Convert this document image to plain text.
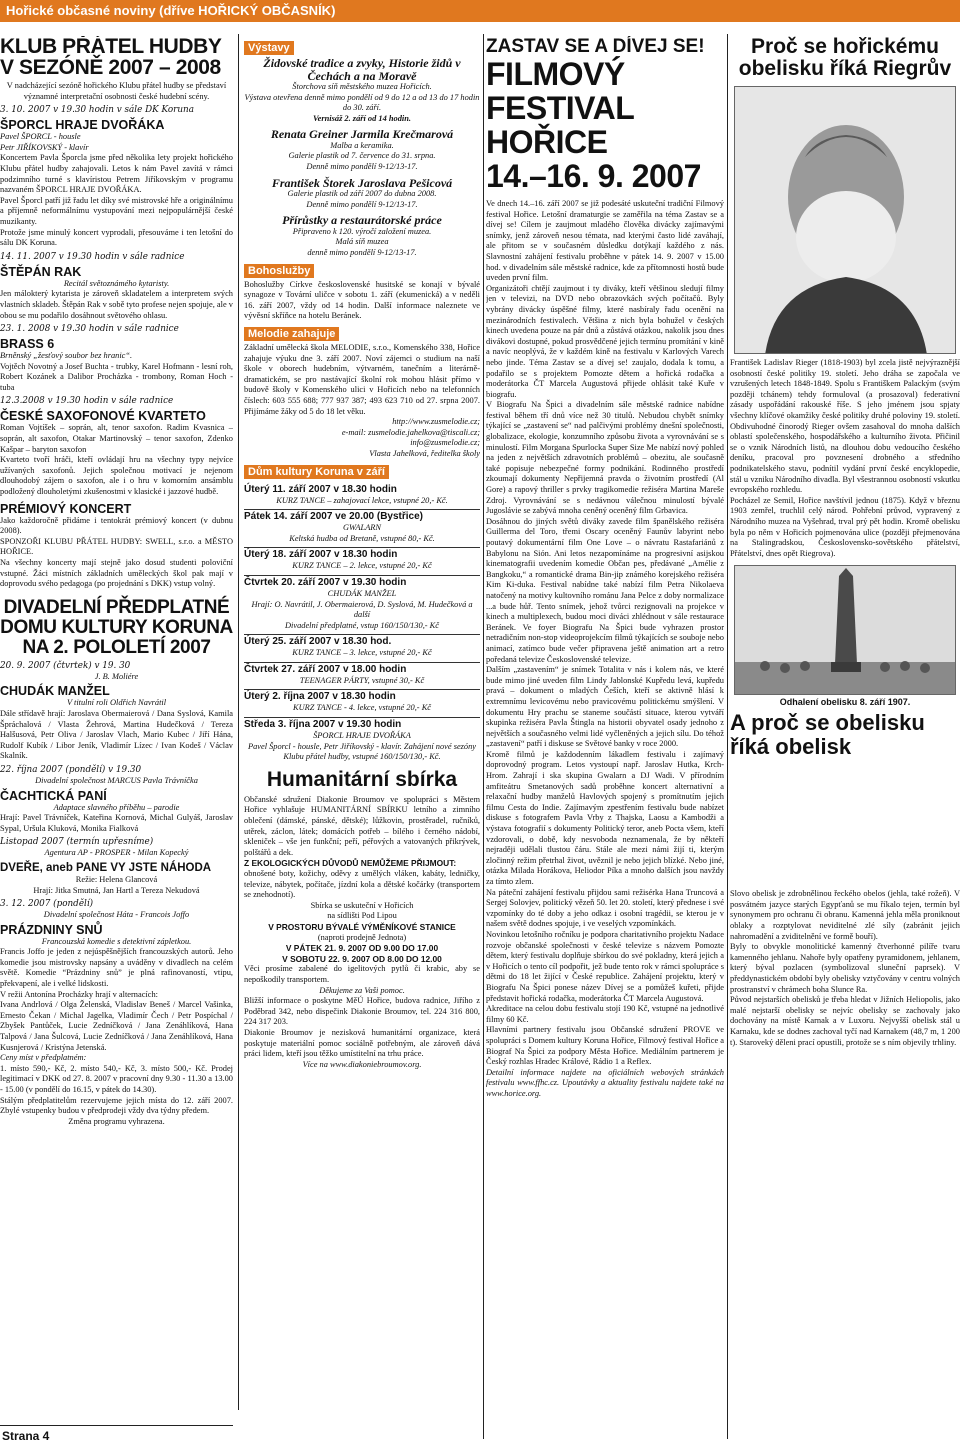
Hořické občasné noviny (dříve HOŘICKÝ OBČASNÍK)
KLUB PŘÁTEL HUDBY V SEZÓNĚ 2007 – 2008

V nadcházející sezóně hořického Klubu přátel hudby se představí významné interpretační osobnosti české hudební scény.

3. 10. 2007 v 19.30 hodin v sále DK Koruna
ŠPORCL HRAJE DVOŘÁKA

Pavel ŠPORCL - housle

Petr JIŘÍKOVSKÝ - klavír

Koncertem Pavla Šporcla jsme před několika lety projekt hořického Klubu přátel hudby zahajovali. Letos k nám Pavel zavítá v rámci podzimního turné s klavíristou Petrem Jiříkovským v programu nazvaném ŠPORCL HRAJE DVOŘÁKA.

Pavel Šporcl patří již řadu let díky své mistrovské hře a originálnímu a příjemně neformálnímu vystupování mezi nejpopulárnější české muzikanty.

Protože jsme minulý koncert vyprodali, přesouváme i ten letošní do sálu DK Koruna.

14. 11. 2007 v 19.30 hodin v sále radnice
ŠTĚPÁN RAK

Recitál světoznámého kytaristy.

Jen málokterý kytarista je zároveň skladatelem a interpretem svých vlastních skladeb. Štěpán Rak v sobě tyto profese nejen spojuje, ale v obou se mu podařilo dosáhnout světového ohlasu.

23. 1. 2008 v 19.30 hodin v sále radnice
BRASS 6

Brněnský „žesťový soubor bez hranic“.

Vojtěch Novotný a Josef Buchta - trubky, Karel Hofmann - lesní roh, Robert Kozánek a Dalibor Procházka - trombony, Roman Hoch - tuba

12.3.2008 v 19.30 hodin v sále radnice
ČESKÉ SAXOFONOVÉ KVARTETO

Roman Vojtíšek – soprán, alt, tenor saxofon. Radim Kvasnica – soprán, alt saxofon, Otakar Martinovský – tenor saxofon, Zdenko Kašpar – baryton saxofon

Kvarteto tvoří hráči, kteří ovládají hru na všechny typy nejvíce užívaných saxofonů. Jejich společnou motivací je nejenom dlouhodobý zájem o saxofon, ale i o hru v komorním ansámblu podložený dlouholetými zkušenostmi v klasické i jazzové hudbě.

PRÉMIOVÝ KONCERT

Jako každoročně přidáme i tentokrát prémiový koncert (v dubnu 2008).

SPONZOŘI KLUBU PŘÁTEL HUDBY: SWELL, s.r.o. a MĚSTO HOŘICE.

Na všechny koncerty mají stejně jako dosud studenti poloviční vstupné. Žáci místních základních uměleckých škol pak mají v doprovodu svého pedagoga (po projednání s DKK) vstup volný.

DIVADELNÍ PŘEDPLATNÉ DOMU KULTURY KORUNA NA 2. POLOLETÍ 2007
20. 9. 2007 (čtvrtek) v 19. 30

J. B. Moliére

CHUDÁK MANŽEL

V titulní roli Oldřich Navrátil

Dále střídavě hrají: Jaroslava Obermaierová / Dana Syslová, Kamila Špráchalová / Vlasta Žehrová, Martina Hudečková / Tereza Halšusová, Petr Oliva / Jaroslav Vlach, Mario Kubec / Jiří Hána, Rudolf Kubík / Libor Jeník, Vladimír Lízec / Ivan Kodeš / Václav Skalník.

22. října 2007 (pondělí) v 19.30

Divadelní společnost MARCUS Pavla Trávníčka

ČACHTICKÁ PANÍ

Adaptace slavného příběhu – parodie

Hrají: Pavel Trávníček, Kateřina Kornová, Michal Gulyáš, Jaroslav Sypal, Uršula Kluková, Monika Fialková

Listopad 2007 (termín upřesníme)

Agentura AP - PROSPER - Milan Kopecký

DVEŘE, aneb PANE VY JSTE NÁHODA

Režie: Helena Glancová

Hrají: Jitka Smutná, Jan Hartl a Tereza Nekudová

3. 12. 2007 (pondělí)

Divadelní společnost Háta - Francois Joffo

PRÁZDNINY SNŮ

Francouzská komedie s detektivní zápletkou.

Francis Joffo je jeden z nejúspěšnějších francouzských autorů. Jeho komedie jsou mistrovsky napsány a uváděny v divadlech na celém světě. Komedie “Prázdniny snů” je plná rafinovaností, vtipu, překvapení, ale i velké lidskosti.

V režii Antonína Procházky hrají v alternacích:

Ivana Andrlová / Olga Želenská, Vladislav Beneš / Marcel Vašinka, Ernesto Čekan / Michal Jagelka, Vladimír Čech / Petr Pospíchal / Zbyšek Pantůček, Lucie Zedníčková / Jana Zenáhlíková, Hana Talpová / Jana Šulcová, Lucie Zedníčková / Jana Zenáhlíková, Hana Kusnjerová / Kristýna Jetenská.

Ceny míst v předplatném:

1. místo 590,- Kč, 2. místo 540,- Kč, 3. místo 500,- Kč. Prodej legitimací v DKK od 27. 8. 2007 v pracovní dny 9.30 - 11.30 a 13.00 - 15.00 (v pondělí do 16.15, v pátek do 14.30).

Stálým předplatitelům rezervujeme jejich místa do 12. září 2007. Zbylé vstupenky budou v předprodeji vždy dva týdny předem.

Změna programu vyhrazena.

Strana 4
Výstavy
Židovské tradice a zvyky, Historie židů v Čechách a na Moravě

Štorchova síň městského muzea Hořicích.

Výstava otevřena denně mimo pondělí od 9 do 12 a od 13 do 17 hodin do 30. září.

Vernisáž 2. září od 14 hodin.

Renata Greiner Jarmila Krečmarová

Malba a keramika.

Galerie plastik od 7. července do 31. srpna.

Denně mimo pondělí 9-12/13-17.

František Štorek Jaroslava Pešicová

Galerie plastik od září 2007 do dubna 2008.

Denně mimo pondělí 9-12/13-17.

Přírůstky a restaurátorské práce

Připraveno k 120. výročí založení muzea.

Malá síň muzea

denně mimo pondělí 9-12/13-17.

Bohoslužby

Bohoslužby Církve československé husitské se konají v bývalé synagoze v Tovární uličce v sobotu 1. září (ekumenická) a v neděli 16. září 2007, vždy od 14 hodin. Další informace naleznete ve vývěsní skříňce na hotelu Beránek.

Melodie zahajuje

Základní umělecká škola MELODIE, s.r.o., Komenského 338, Hořice zahajuje výuku dne 3. září 2007. Noví zájemci o studium na naší škole v oborech hudebním, výtvarném, tanečním a literárně-dramatickém, se pro nastávající školní rok mohou hlásit přímo v budově školy v Komenského ulici v Hořicích nebo na telefonních číslech: 603 555 688; 777 937 387; 493 623 710 od 27. srpna 2007. Přijímáme žáky od 5 do 18 let věku.

http://www.zusmelodie.cz;

e-mail: zusmelodie.jahelkova@tiscali.cz;

info@zusmelodie.cz;

Vlasta Jahelková, ředitelka školy

Dům kultury Koruna v září
Úterý 11. září 2007 v 18.30 hodin

KURZ TANCE – zahajovací lekce, vstupné 20,- Kč.

Pátek 14. září 2007 ve 20.00 (Bystřice)

GWALARN

Keltská hudba od Bretaně, vstupné 80,- Kč.

Úterý 18. září 2007 v 18.30 hodin

KURZ TANCE – 2. lekce, vstupné 20,- Kč

Čtvrtek 20. září 2007 v 19.30 hodin

CHUDÁK MANŽEL

Hrají: O. Navrátil, J. Obermaierová, D. Syslová, M. Hudečková a další

Divadelní předplatné, vstup 160/150/130,- Kč

Úterý 25. září 2007 v 18.30 hod.

KURZ TANCE – 3. lekce, vstupné 20,- Kč

Čtvrtek 27. září 2007 v 18.00 hodin

TEENAGER PÁRTY, vstupné 30,- Kč

Úterý 2. října 2007 v 18.30 hodin

KURZ TANCE - 4. lekce, vstupné 20,- Kč

Středa 3. října 2007 v 19.30 hodin

ŠPORCL HRAJE DVOŘÁKA

Pavel Šporcl - housle, Petr Jiříkovský - klavír. Zahájení nové sezóny Klubu přátel hudby, vstupné 160/150/130,- Kč.

Humanitární sbírka

Občanské sdružení Diakonie Broumov ve spolupráci s Městem Hořice vyhlašuje HUMANITÁRNÍ SBÍRKU letního a zimního oblečení (dámské, pánské, dětské); lůžkovin, prostěradel, ručníků, utěrek, záclon, látek; domácích potřeb – bílého i černého nádobí, skleniček – vše jen funkční; peří, péřových a vatovaných přikrývek, polštářů a dek.

Z EKOLOGICKÝCH DŮVODŮ NEMŮŽEME PŘIJMOUT:

obnošené boty, kožichy, oděvy z umělých vláken, kabáty, ledničky, televize, nábytek, počítače, jízdní kola a dětské kočárky (transportem se znehodnotí).

Sbírka se uskuteční v Hořicích

na sídlišti Pod Lipou

V PROSTORU BÝVALÉ VÝMĚNÍKOVÉ STANICE

(naproti prodejně Jednota)

V PÁTEK 21. 9. 2007 OD 9.00 DO 17.00

V SOBOTU 22. 9. 2007 OD 8.00 DO 12.00

Věci prosíme zabalené do igelitových pytlů či krabic, aby se nepoškodily transportem.

Děkujeme za Vaši pomoc.

Bližší informace o poskytne MěÚ Hořice, budova radnice, Jiřího z Poděbrad 342, nebo dispečink Diakonie Broumov, tel. 224 316 800, 224 317 203.

Diakonie Broumov je nezisková humanitární organizace, která poskytuje materiální pomoc sociálně potřebným, ale zároveň dává práci lidem, kteří jsou těžko umístitelní na trhu práce.

Více na www.diakoniebroumov.org.

ZASTAV SE A DÍVEJ SE!
FILMOVÝ
FESTIVAL HOŘICE
14.–16. 9. 2007

Ve dnech 14.–16. září 2007 se již podesáté uskuteční tradiční Filmový festival Hořice. Letošní dramaturgie se zaměřila na téma Zastav se a dívej se! Cílem je zaujmout mladého člověka divácky zajímavými snímky, jenž zároveň nesou témata, nad kterými často lidé zaváhají, ale přitom se v současném důsledku dotýkají každého z nás. Slavnostní zahájení festivalu proběhne v pátek 14. 9. 2007 v 15.00 hod. v divadelním sále městské radnice, kde za přítomnosti hostů bude uveden první film.

Organizátoři chtějí zaujmout i ty diváky, kteří většinou sledují filmy jen v televizi, na DVD nebo obrazovkách svých počítačů. Byly vybrány divácky úspěšné filmy, které nasbíraly řadu ocenění na mezinárodních festivalech. Většina z nich byla bohužel v českých kinech uvedena pouze na pár dnů a zůstává otázkou, nakolik jsou dnes divákovi dostupné, pokud prosvědčené jejich termínu promítání v kině a navíc neoplývá, že v každém kině na festivalu v Karlových Varech nebo jinde. Téma Zastav se a dívej se! zaujalo, dodala k tomu, a podařilo se s projektem Pomozte dětem a hořická rodačka a moderátorka ČT Marcela Augustová přijede ohlásit také Kuře v biografu.

V Biografu Na Špici a divadelním sále městské radnice nabídne festival během tří dnů více než 30 titulů. Nebudou chybět snímky týkající se „zastavení se“ nad palčivými problémy dnešní společnosti, globalizace, ekologie, konzumního způsobu života a vyrovnávání se s minulostí. Film Morgana Spurlocka Super Size Me nabízí nový pohled na jeden z největších zdravotních problémů – obezitu, ale současně také popisuje nebezpečné formy podnikání. Rodinného prostředí zkoumají dokumenty Nepřijemná pravda o životním prostředí (Al Gore) a rapový thriller s prvky tragikomedie režiséra Martina Mareše Zdroj. Vyrovnávání se s nedávnou válečnou minulostí bývalé Jugoslávie se zabývá mnoha ceněný oceněný film Grbavica.

Dosáhnou do jiných světů diváky zavede film španělského režiséra Guillerma del Toro, třemi Oscary oceněný Faunův labyrint nebo poutavý dokumentární film One Love – o návratu Rastafariánů z Babylonu na Sión. Ani letos nezapomínáme na progresivní asijskou kinematografii uvedením komedie Občan pes, předávané „Amélie z Bangkoku,“ a romantické drama Bin-jip známého korejského režiséra Kim Ki-duka. Festival nabídne také nabízí film Petra Nikolaeva natočený na motivy kultovního románu Jana Pelce z doby normalizace ...a bude hůř. Tento snímek, jehož tvůrci rezignovali na projekce v kinech a multiplexech, budou moci diváci zhlédnout v sále restaurace Beránek. Ve foyer Biografu Na Špici bude vyhrazen prostor netradičním non-stop videoprojekcím filmů týkajících se souboje nebo animací, zatímco bude večer připravena ještě animation art a retro poředaná televize Československé televize.

Dalším „zastavením“ je snímek Totalita v nás i kolem nás, ve které bude mimo jiné uveden film Lindy Jablonské Kupředu levá, kupředu pravá – dokument o mladých Češích, kteří se aktivně hlásí k extremnímu levicovému nebo pravicovému politickému smýšlení. V dokumentu Hry prachu se staneme součástí situace, kterou vytváří skupinka režiséra Pavla Štingla na historii obyvatel osady jednoho z největších a současného velmi lidé vyčleněných a jejich sílu. Do téhož „zastavení“ patří i diskuse se Světové banky v roce 2000.

Kromě filmů je každodenním lákadlem festivalu i zajímavý doprovodný program. Letos vystoupí např. Jaroslav Hutka, Krch-Hrom. Zahrají i ska skupina Gwalarn a DJ Wadi. V přírodním amfiteátru Smetanových sadů proběhne koncert alternativní a relaxační hudby manželů Havlových spojený s promítnutím jejich filmu Cesta do Indie. Zajímavým zpestřením festivalu bude nabízet diskuse s fotografem Pavla Vrby z Thajska, Laosu a Kambodži a výstava fotografií s dokumenty Politický teror, aneb Pocta všem, kteří vzdorovali, o době, kdy nesvoboda neznamenala, že by někteří nejraději udělali tlustou čáru. Stále ale mezi námi žijí ti, kterým zločinný režim přetrhal život, uvěznil je nebo jejich blízké. Nebo jiné, otázka Milada Horákova, Heliodor Píka a mnoho dalších jsou navždy za tímto zlem.

Na páteční zahájení festivalu přijdou sami režisérka Hana Truncová a Sergej Solovjev, politický vězeň 50. let 20. století, který přednese i své vzpomínky do té doby a jeho odkaz i osobní tragédii, se kterou je v našem světě dodnes spojuje, i ve veselých vzpomínkách.

Novinkou letošního ročníku je podpora charitativního projektu Nadace rozvoje občanské společnosti v české televize s názvem Pomozte dětem, který festivalu doplňuje sbírkou do své pokladny, která jejich a v Hořicích o tento cíl podpořit, jež bude tento rok v rámci spolupráce s dětmi do 18 let žijící v České republice. Zahájení projektu, který v Biografu Na Špici ponese název Dívej se a pomůžeš kuřeti, přijde představit hořická rodačka, moderátorka ČT Marcela Augustová.

Akreditace na celou dobu festivalu stojí 190 Kč, vstupné na jednotlivé filmy 60 Kč.

Hlavními partnery festivalu jsou Občanské sdružení PROVE ve spolupráci s Domem kultury Koruna Hořice, Filmový festival Hořice a Biograf Na Špici za podpory Města Hořice. Mediálním partnerem je Český rozhlas Hradec Králové, Rádio 1 a Reflex.

Detailní informace najdete na oficiálních webových stránkách festivalu www.ffhc.cz. Upoutávky a aktuality festivalu najdete také na www.horice.org.

Proč se hořickému obelisku říká Riegrův

František Ladislav Rieger (1818-1903) byl zcela jistě nejvýraznější osobností české politiky 19. století. Jeho dráha se započala ve vzrušených letech 1848-1849. Spolu s Františkem Palackým (svým později tchánem) tehdy formuloval (a prosazoval) federativní zásady uspořádání rakouské říše. S jeho jménem jsou spjaty všechny klíčové okamžiky české politiky druhé poloviny 19. století. Obdivuhodné činorodý Rieger ovšem zasahoval do mnoha dalších oblastí společenského, hospodářského a kulturního života. Přičinil se o vznik Národních listů, na dlouhou dobu vedoucího českého deníku, pracoval pro povznesení drobného a středního podnikatelského stavu, podnítil vydání první české encyklopedie, stál u vzniku Národního divadla. Byl všestrannou osobností vskutku evropského rozhledu.

Pocházel ze Semil, Hořice navštívil jednou (1875). Když v březnu 1903 zemřel, truchlil celý národ. Pohřební průvod, vypravený z Národního muzea na Vyšehrad, trval prý pět hodin. Kromě obelisku byla po něm v Hořicích pojmenována ulice (později přejmenována na Stalingradskou, Československo-sovětského přátelství, Přátelství, dnes opět Riegrova).

Odhalení obelisku 8. září 1907.
A proč se obelisku říká obelisk

Slovo obelisk je zdrobnělinou řeckého obelos (jehla, také rožeň). V posvátném jazyce starých Egypťanů se mu říkalo tejen, termín byl synonymem pro ochranu či obranu. Kamenná jehla měla proniknout oblaky a rozptylovat neviditelné zlé síly (zabránit jejich nahromadění a zviditelnění ve formě bouří).

Byly to obvykle monolitické kamenný čtverhonné pilíře tvaru kamenného jehlanu. Nahoře byly opatřeny pyramidonem, jehlanem, který býval pozlacen (symbolizoval sluneční paprsek). V předdynastickém období byly obelisky vztyčovány v centru volných prostranství v chrámech boha Slunce Ra.

Původ nejstarších obelisků je třeba hledat v Jižních Heliopolis, jako malé nejstarší obelisky se nejvíc obelisky se zachovaly jako dochovány na místě Karnak a v Luxoru. Nejvyšší obelisk stál u Karnaku, kde se dodnes zachoval tyčí nad Karnakem (48,7 m, 1 200 t). Staroveký děleni prací opustili, protože se s ním objevily trhliny.
